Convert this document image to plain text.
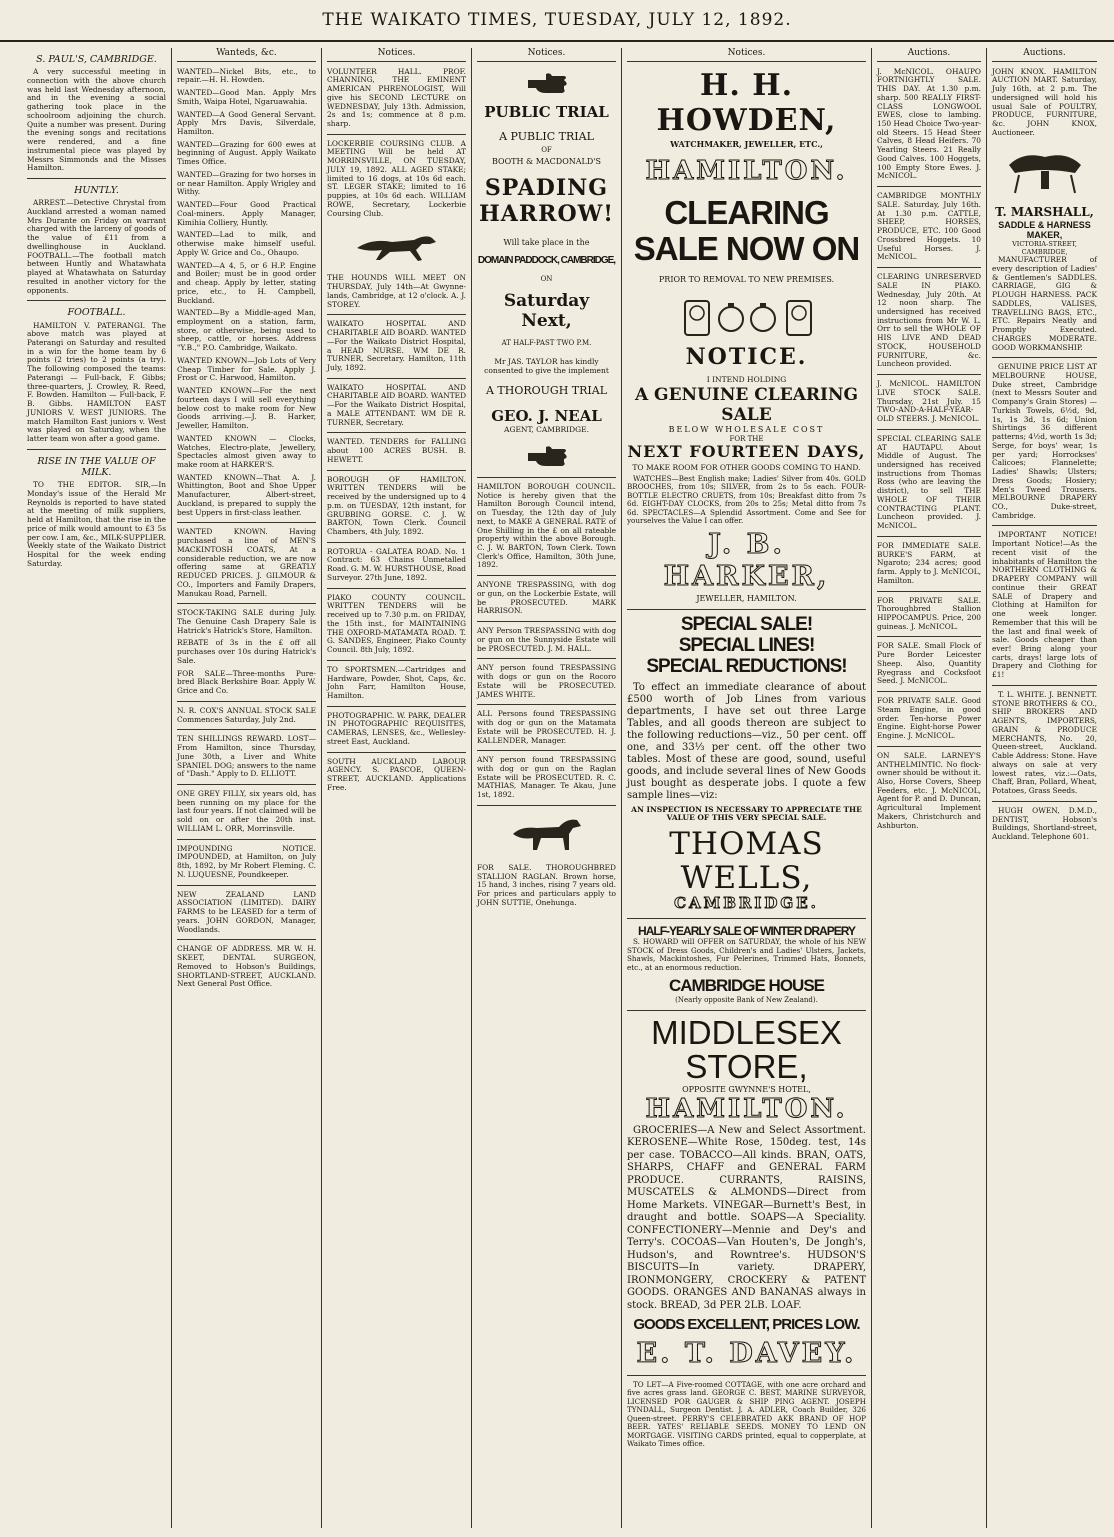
THE WAIKATO TIMES, TUESDAY, JULY 12, 1892.
S. PAUL'S, CAMBRIDGE.
A very successful meeting in connection with the above church was held last Wednesday afternoon, and in the evening a social gathering took place in the schoolroom adjoining the church. Quite a number was present. During the evening songs and recitations were rendered, and a fine instrumental piece was played by Messrs Simmonds and the Misses Hamilton.
HUNTLY.
ARREST.—Detective Chrystal from Auckland arrested a woman named Mrs Durante on Friday on warrant charged with the larceny of goods of the value of £11 from a dwellinghouse in Auckland. FOOTBALL.—The football match between Huntly and Whatawhata played at Whatawhata on Saturday resulted in another victory for the opponents.
FOOTBALL.
HAMILTON V. PATERANGI. The above match was played at Paterangi on Saturday and resulted in a win for the home team by 6 points (2 tries) to 2 points (a try). The following composed the teams: Paterangi — Full-back, F. Gibbs; three-quarters, J. Crowley, R. Reed, F. Bowden. Hamilton — Full-back, F. B. Gibbs. HAMILTON EAST JUNIORS V. WEST JUNIORS. The match Hamilton East juniors v. West was played on Saturday, when the latter team won after a good game.
RISE IN THE VALUE OF MILK.
TO THE EDITOR. SIR,—In Monday's issue of the Herald Mr Reynolds is reported to have stated at the meeting of milk suppliers, held at Hamilton, that the rise in the price of milk would amount to £3 5s per cow. I am, &c., MILK-SUPPLIER. Weekly state of the Waikato District Hospital for the week ending Saturday.
Wanteds, &c.
WANTED—Nickel Bits, etc., to repair.—H. H. Howden.
WANTED—Good Man. Apply Mrs Smith, Waipa Hotel, Ngaruawahia.
WANTED—A Good General Servant. Apply Mrs Davis, Silverdale, Hamilton.
WANTED—Grazing for 600 ewes at beginning of August. Apply Waikato Times Office.
WANTED—Grazing for two horses in or near Hamilton. Apply Wrigley and Withy.
WANTED—Four Good Practical Coal-miners. Apply Manager, Kimihia Colliery, Huntly.
WANTED—Lad to milk, and otherwise make himself useful. Apply W. Grice and Co., Ohaupo.
WANTED—A 4, 5, or 6 H.P. Engine and Boiler; must be in good order and cheap. Apply by letter, stating price, etc., to H. Campbell, Buckland.
WANTED—By a Middle-aged Man, employment on a station, farm, store, or otherwise, being used to sheep, cattle, or horses. Address "Y.B.," P.O. Cambridge, Waikato.
WANTED KNOWN—Job Lots of Very Cheap Timber for Sale. Apply J. Frost or C. Harwood, Hamilton.
WANTED KNOWN—For the next fourteen days I will sell everything below cost to make room for New Goods arriving.—J. B. Harker, Jeweller, Hamilton.
WANTED KNOWN — Clocks, Watches, Electro-plate, Jewellery, Spectacles almost given away to make room at HARKER'S.
WANTED KNOWN—That A. J. Whittington, Boot and Shoe Upper Manufacturer, Albert-street, Auckland, is prepared to supply the best Uppers in first-class leather.
WANTED KNOWN. Having purchased a line of MEN'S MACKINTOSH COATS, At a considerable reduction, we are now offering same at GREATLY REDUCED PRICES. J. GILMOUR & CO., Importers and Family Drapers, Manukau Road, Parnell.
STOCK-TAKING SALE during July. The Genuine Cash Drapery Sale is Hatrick's Hatrick's Store, Hamilton.
REBATE of 3s in the £ off all purchases over 10s during Hatrick's Sale.
FOR SALE—Three-months Pure-bred Black Berkshire Boar. Apply W. Grice and Co.
N. R. COX'S ANNUAL STOCK SALE Commences Saturday, July 2nd.
TEN SHILLINGS REWARD. LOST—From Hamilton, since Thursday, June 30th, a Liver and White SPANIEL DOG; answers to the name of "Dash." Apply to D. ELLIOTT.
ONE GREY FILLY, six years old, has been running on my place for the last four years. If not claimed will be sold on or after the 20th inst. WILLIAM L. ORR, Morrinsville.
IMPOUNDING NOTICE. IMPOUNDED, at Hamilton, on July 8th, 1892, by Mr Robert Fleming. C. N. LUQUESNE, Poundkeeper.
NEW ZEALAND LAND ASSOCIATION (LIMITED). DAIRY FARMS to be LEASED for a term of years. JOHN GORDON, Manager, Woodlands.
CHANGE OF ADDRESS. MR W. H. SKEET, DENTAL SURGEON, Removed to Hobson's Buildings, SHORTLAND-STREET, AUCKLAND. Next General Post Office.
Notices.
VOLUNTEER HALL. PROF. CHANNING, THE EMINENT AMERICAN PHRENOLOGIST, Will give his SECOND LECTURE on WEDNESDAY, July 13th. Admission, 2s and 1s; commence at 8 p.m. sharp.
LOCKERBIE COURSING CLUB. A MEETING Will be held AT MORRINSVILLE, ON TUESDAY, JULY 19, 1892. ALL AGED STAKE; limited to 16 dogs, at 10s 6d each. ST. LEGER STAKE; limited to 16 puppies, at 10s 6d each. WILLIAM ROWE, Secretary, Lockerbie Coursing Club.
THE HOUNDS WILL MEET ON THURSDAY, July 14th—At Gwynne-lands, Cambridge, at 12 o'clock. A. J. STOREY.
WAIKATO HOSPITAL AND CHARITABLE AID BOARD. WANTED—For the Waikato District Hospital, a HEAD NURSE. WM DE R. TURNER, Secretary. Hamilton, 11th July, 1892.
WAIKATO HOSPITAL AND CHARITABLE AID BOARD. WANTED—For the Waikato District Hospital, a MALE ATTENDANT. WM DE R. TURNER, Secretary.
WANTED. TENDERS for FALLING about 100 ACRES BUSH. B. HEWETT.
BOROUGH OF HAMILTON. WRITTEN TENDERS will be received by the undersigned up to 4 p.m. on TUESDAY, 12th instant, for GRUBBING GORSE. C. J. W. BARTON, Town Clerk. Council Chambers, 4th July, 1892.
ROTORUA - GALATEA ROAD. No. 1 Contract: 63 Chains Unmetalled Road. G. M. W. HURSTHOUSE, Road Surveyor. 27th June, 1892.
PIAKO COUNTY COUNCIL. WRITTEN TENDERS will be received up to 7.30 p.m. on FRIDAY, the 15th inst., for MAINTAINING THE OXFORD-MATAMATA ROAD. T. G. SANDES, Engineer, Piako County Council. 8th July, 1892.
TO SPORTSMEN.—Cartridges and Hardware, Powder, Shot, Caps, &c. John Farr, Hamilton House, Hamilton.
PHOTOGRAPHIC. W. PARK, DEALER IN PHOTOGRAPHIC REQUISITES, CAMERAS, LENSES, &c., Wellesley-street East, Auckland.
SOUTH AUCKLAND LABOUR AGENCY. S. PASCOE, QUEEN-STREET, AUCKLAND. Applications Free.
Notices.
PUBLIC TRIAL
A PUBLIC TRIAL
OF
BOOTH & MACDONALD'S
SPADING
HARROW!
Will take place in the
DOMAIN PADDOCK, CAMBRIDGE,
ON
Saturday Next,
AT HALF-PAST TWO P.M.
Mr JAS. TAYLOR has kindly consented to give the implement
A THOROUGH TRIAL
GEO. J. NEAL
AGENT, CAMBRIDGE.
HAMILTON BOROUGH COUNCIL. Notice is hereby given that the Hamilton Borough Council intend, on Tuesday, the 12th day of July next, to MAKE A GENERAL RATE of One Shilling in the £ on all rateable property within the above Borough. C. J. W. BARTON, Town Clerk. Town Clerk's Office, Hamilton, 30th June, 1892.
ANYONE TRESPASSING, with dog or gun, on the Lockerbie Estate, will be PROSECUTED. MARK HARRISON.
ANY Person TRESPASSING with dog or gun on the Sunnyside Estate will be PROSECUTED. J. M. HALL.
ANY person found TRESPASSING with dogs or gun on the Rocoro Estate will be PROSECUTED. JAMES WHITE.
ALL Persons found TRESPASSING with dog or gun on the Matamata Estate will be PROSECUTED. H. J. KALLENDER, Manager.
ANY person found TRESPASSING with dog or gun on the Raglan Estate will be PROSECUTED. R. C. MATHIAS, Manager. Te Akau, June 1st, 1892.
FOR SALE. THOROUGHBRED STALLION RAGLAN. Brown horse, 15 hand, 3 inches, rising 7 years old. For prices and particulars apply to JOHN SUTTIE, Onehunga.
Notices.
H. H. HOWDEN,
WATCHMAKER, JEWELLER, ETC.,
HAMILTON.
CLEARING SALE NOW ON
PRIOR TO REMOVAL TO NEW PREMISES.
NOTICE.
I INTEND HOLDING
A GENUINE CLEARING SALE
BELOW WHOLESALE COST
FOR THE
NEXT FOURTEEN DAYS,
TO MAKE ROOM FOR OTHER GOODS COMING TO HAND.
WATCHES—Best English make; Ladies' Silver from 40s. GOLD BROOCHES, from 10s; SILVER, from 2s to 5s each. FOUR-BOTTLE ELECTRO CRUETS, from 10s; Breakfast ditto from 7s 6d. EIGHT-DAY CLOCKS, from 20s to 25s; Metal ditto from 7s 6d. SPECTACLES—A Splendid Assortment. Come and See for yourselves the Value I can offer.
J. B. HARKER,
JEWELLER, HAMILTON.
SPECIAL SALE!
SPECIAL LINES!
SPECIAL REDUCTIONS!
To effect an immediate clearance of about £500 worth of Job Lines from various departments, I have set out three Large Tables, and all goods thereon are subject to the following reductions—viz., 50 per cent. off one, and 33⅓ per cent. off the other two tables. Most of these are good, sound, useful goods, and include several lines of New Goods just bought as desperate jobs. I quote a few sample lines—viz:
AN INSPECTION IS NECESSARY TO APPRECIATE THE VALUE OF THIS VERY SPECIAL SALE.
THOMAS WELLS,
CAMBRIDGE.
HALF-YEARLY SALE OF WINTER DRAPERY
S. HOWARD will OFFER on SATURDAY, the whole of his NEW STOCK of Dress Goods, Children's and Ladies' Ulsters, Jackets, Shawls, Mackintoshes, Fur Pelerines, Trimmed Hats, Bonnets, etc., at an enormous reduction.
CAMBRIDGE HOUSE
(Nearly opposite Bank of New Zealand).
MIDDLESEX STORE,
OPPOSITE GWYNNE'S HOTEL,
HAMILTON.
GROCERIES—A New and Select Assortment. KEROSENE—White Rose, 150deg. test, 14s per case. TOBACCO—All kinds. BRAN, OATS, SHARPS, CHAFF and GENERAL FARM PRODUCE. CURRANTS, RAISINS, MUSCATELS & ALMONDS—Direct from Home Markets. VINEGAR—Burnett's Best, in draught and bottle. SOAPS—A Speciality. CONFECTIONERY—Mennie and Dey's and Terry's. COCOAS—Van Houten's, De Jongh's, Hudson's, and Rowntree's. HUDSON'S BISCUITS—In variety. DRAPERY, IRONMONGERY, CROCKERY & PATENT GOODS. ORANGES AND BANANAS always in stock. BREAD, 3d PER 2LB. LOAF.
GOODS EXCELLENT, PRICES LOW.
E. T. DAVEY.
TO LET—A Five-roomed COTTAGE, with one acre orchard and five acres grass land. GEORGE C. BEST, MARINE SURVEYOR, LICENSED POR GAUGER & SHIP PING AGENT. JOSEPH TYNDALL, Surgeon Dentist. J. A. ADLER, Coach Builder, 326 Queen-street. PERRY'S CELEBRATED AKK BRAND OF HOP BEER. YATES' RELIABLE SEEDS. MONEY TO LEND ON MORTGAGE. VISITING CARDS printed, equal to copperplate, at Waikato Times office.
Auctions.
J. McNICOL. OHAUPO FORTNIGHTLY SALE. THIS DAY. At 1.30 p.m. sharp. 500 REALLY FIRST-CLASS LONGWOOL EWES, close to lambing. 150 Head Choice Two-year-old Steers. 15 Head Steer Calves, 8 Head Heifers. 70 Yearling Steers. 21 Really Good Calves. 100 Hoggets, 100 Empty Store Ewes. J. McNICOL.
CAMBRIDGE MONTHLY SALE. Saturday, July 16th. At 1.30 p.m. CATTLE, SHEEP, HORSES, PRODUCE, ETC. 100 Good Crossbred Hoggets. 10 Useful Horses. J. McNICOL.
CLEARING UNRESERVED SALE IN PIAKO. Wednesday, July 20th. At 12 noon sharp. The undersigned has received instructions from Mr W. L. Orr to sell the WHOLE OF HIS LIVE AND DEAD STOCK, HOUSEHOLD FURNITURE, &c. Luncheon provided.
J. McNICOL. HAMILTON LIVE STOCK SALE. Thursday, 21st July. 15 TWO-AND-A-HALF-YEAR-OLD STEERS. J. McNICOL.
SPECIAL CLEARING SALE AT HAUTAPU. About Middle of August. The undersigned has received instructions from Thomas Ross (who are leaving the district), to sell THE WHOLE OF THEIR CONTRACTING PLANT. Luncheon provided. J. McNICOL.
FOR IMMEDIATE SALE. BURKE'S FARM, at Ngaroto; 234 acres; good farm. Apply to J. McNICOL, Hamilton.
FOR PRIVATE SALE. Thoroughbred Stallion HIPPOCAMPUS. Price, 200 guineas. J. McNICOL.
FOR SALE. Small Flock of Pure Border Leicester Sheep. Also, Quantity Ryegrass and Cocksfoot Seed. J. McNICOL.
FOR PRIVATE SALE. Good Steam Engine, in good order. Ten-horse Power Engine. Eight-horse Power Engine. J. McNICOL.
ON SALE. LARNEY'S ANTHELMINTIC. No flock-owner should be without it. Also, Horse Covers, Sheep Feeders, etc. J. McNICOL, Agent for P. and D. Duncan, Agricultural Implement Makers, Christchurch and Ashburton.
Auctions.
JOHN KNOX. HAMILTON AUCTION MART. Saturday, July 16th, at 2 p.m. The undersigned will hold his usual Sale of POULTRY, PRODUCE, FURNITURE, &c. JOHN KNOX, Auctioneer.
T. MARSHALL,
SADDLE & HARNESS MAKER,
VICTORIA-STREET, CAMBRIDGE,
MANUFACTURER of every description of Ladies' & Gentlemen's SADDLES. CARRIAGE, GIG & PLOUGH HARNESS. PACK SADDLES, VALISES, TRAVELLING BAGS, ETC., ETC. Repairs Neatly and Promptly Executed. CHARGES MODERATE. GOOD WORKMANSHIP.
GENUINE PRICE LIST AT MELBOURNE HOUSE, Duke street, Cambridge (next to Messrs Souter and Company's Grain Stores) — Turkish Towels, 6½d, 9d, 1s, 1s 3d, 1s 6d; Union Shirtings 36 different patterns; 4½d, worth 1s 3d; Serge, for boys' wear, 1s per yard; Horrockses' Calicoes; Flannelette; Ladies' Shawls; Ulsters; Dress Goods; Hosiery; Men's Tweed Trousers. MELBOURNE DRAPERY CO., Duke-street, Cambridge.
IMPORTANT NOTICE! Important Notice!—As the recent visit of the inhabitants of Hamilton the NORTHERN CLOTHING & DRAPERY COMPANY will continue their GREAT SALE of Drapery and Clothing at Hamilton for one week longer. Remember that this will be the last and final week of sale. Goods cheaper than ever! Bring along your carts, drays! large lots of Drapery and Clothing for £1!
T. L. WHITE. J. BENNETT. STONE BROTHERS & CO., SHIP BROKERS AND AGENTS, IMPORTERS, GRAIN & PRODUCE MERCHANTS, No. 20, Queen-street, Auckland. Cable Address: Stone. Have always on sale at very lowest rates, viz.:—Oats, Chaff, Bran, Pollard, Wheat, Potatoes, Grass Seeds.
HUGH OWEN, D.M.D., DENTIST, Hobson's Buildings, Shortland-street, Auckland. Telephone 601.
